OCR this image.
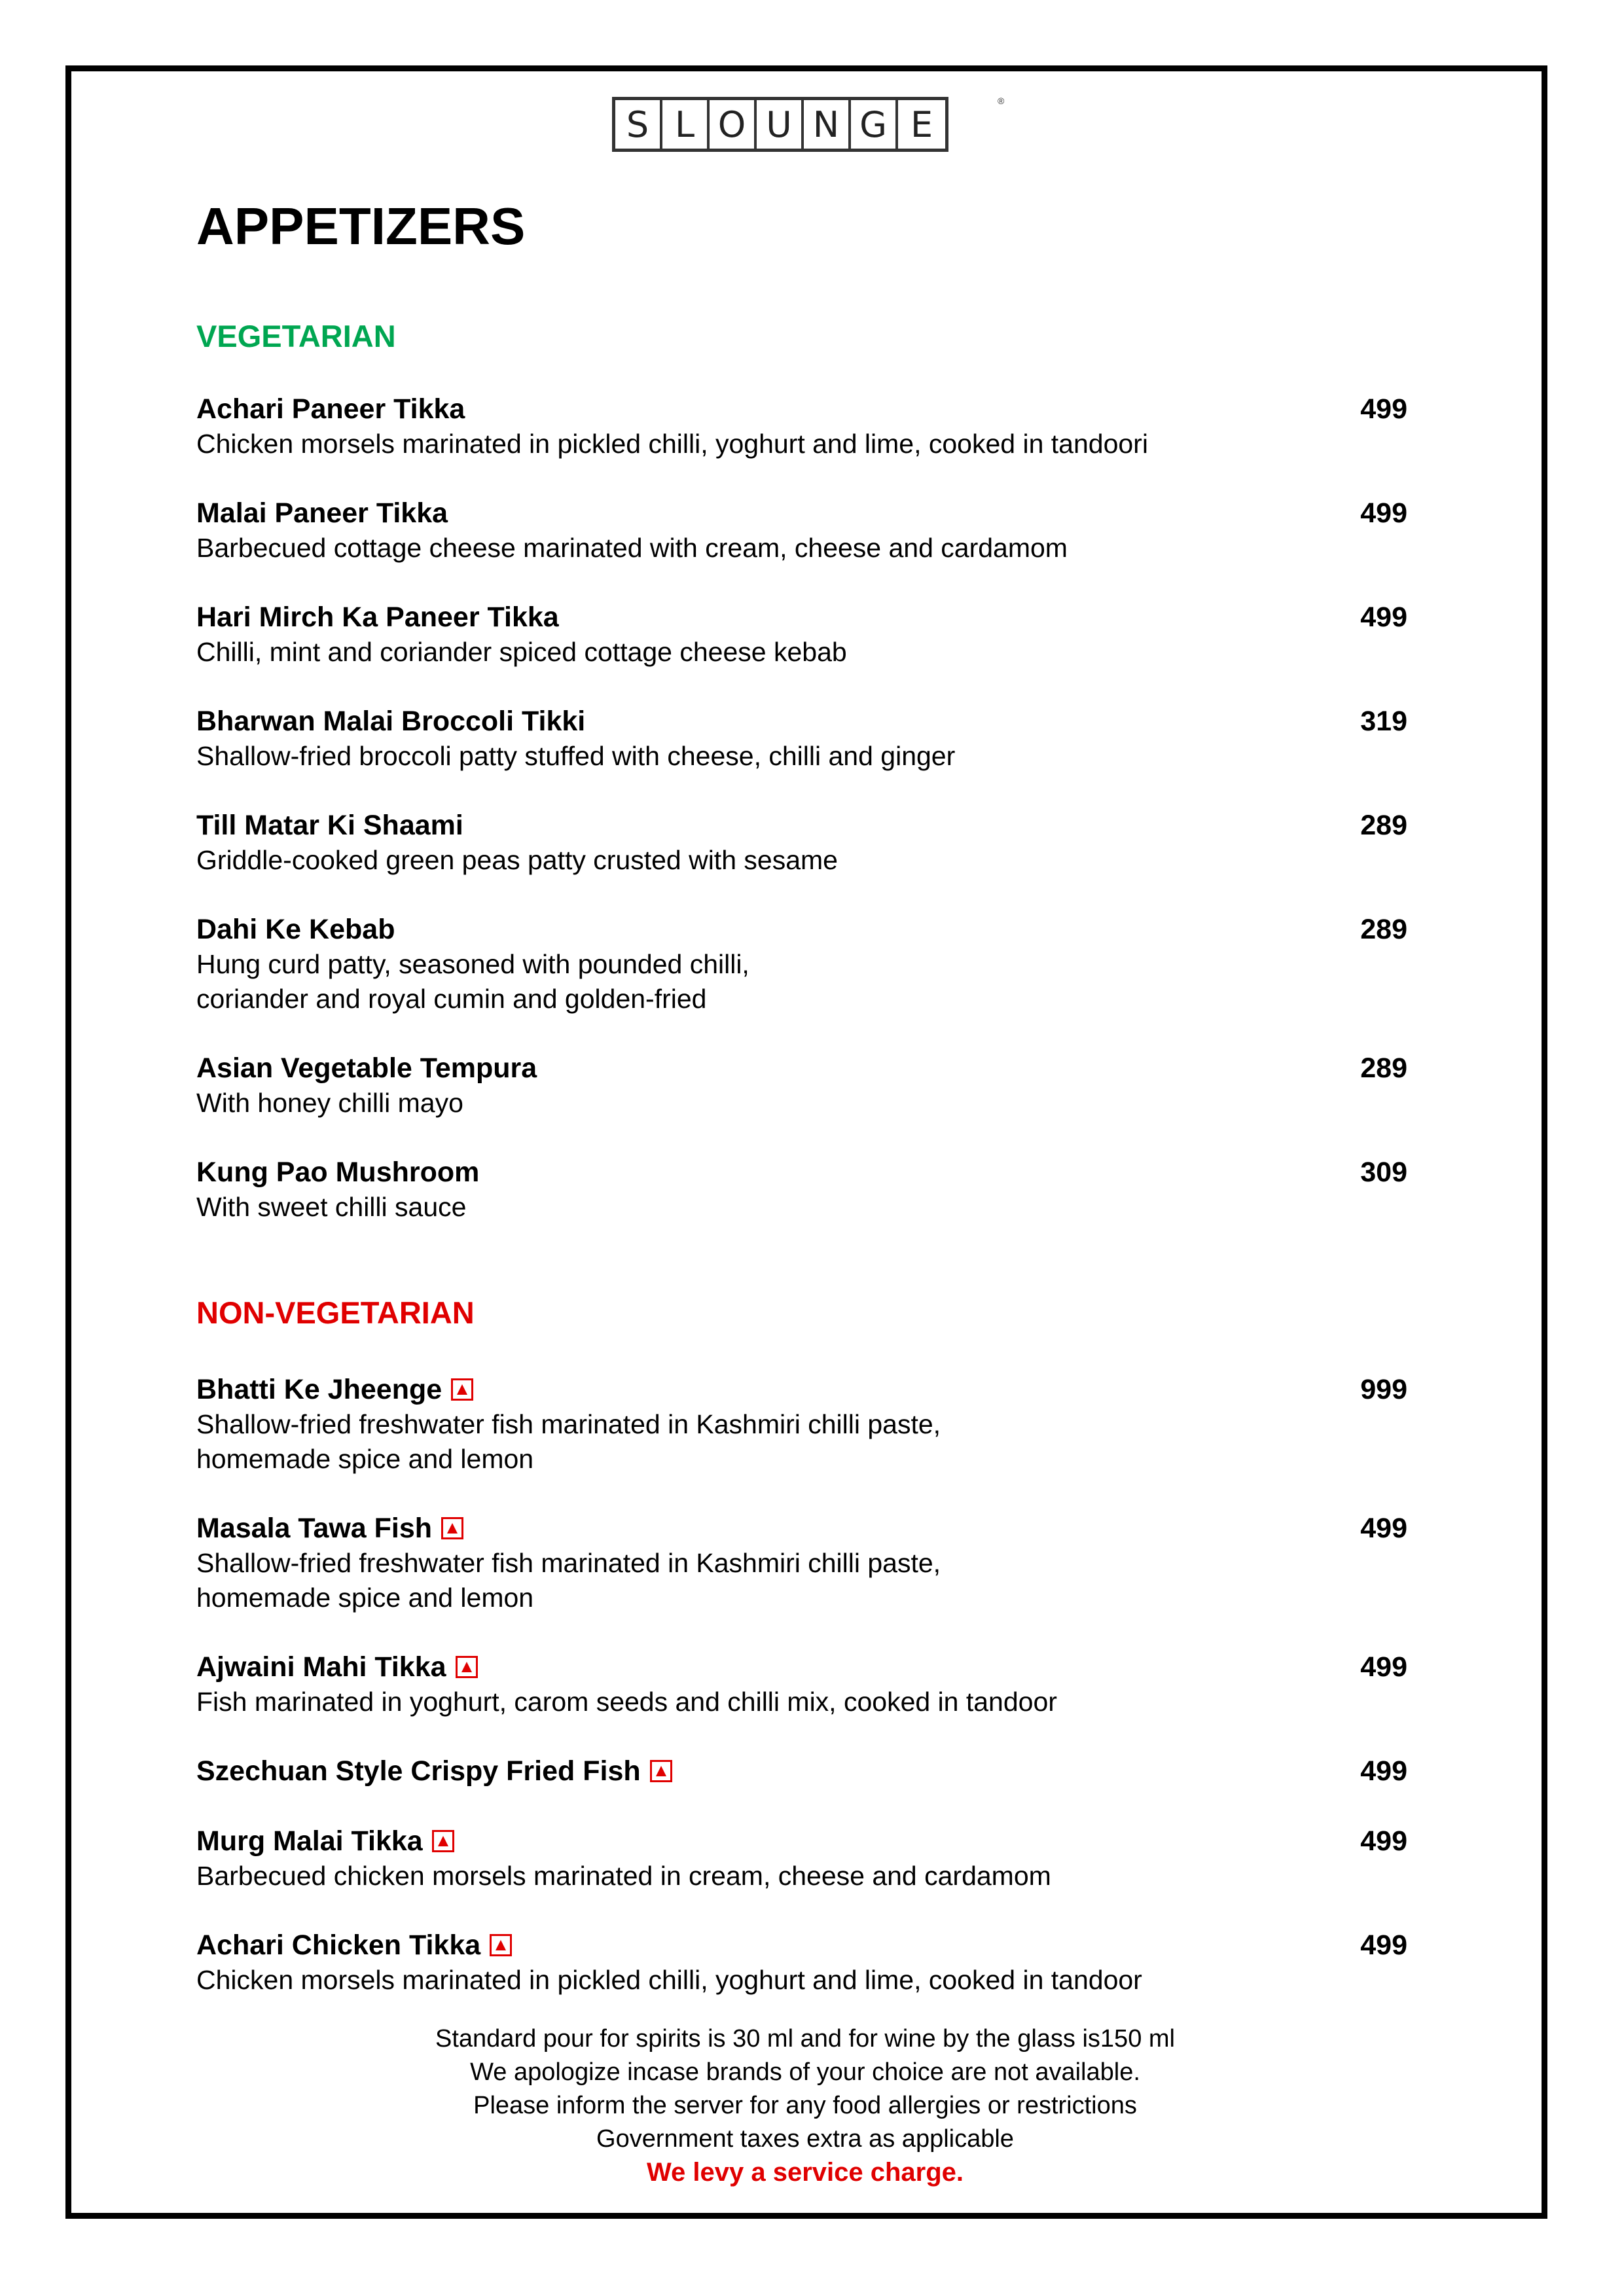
S L O U N G E
®
APPETIZERS
VEGETARIAN
Achari Paneer Tikka	499
Chicken morsels marinated in pickled chilli, yoghurt and lime, cooked in tandoori
Malai Paneer Tikka	499
Barbecued cottage cheese marinated with cream, cheese and cardamom
Hari Mirch Ka Paneer Tikka	499
Chilli, mint and coriander spiced cottage cheese kebab
Bharwan Malai Broccoli Tikki	319
Shallow-fried broccoli patty stuffed with cheese, chilli and ginger
Till Matar Ki Shaami	289
Griddle-cooked green peas patty crusted with sesame
Dahi Ke Kebab	289
Hung curd patty, seasoned with pounded chilli,
coriander and royal cumin and golden-fried
Asian Vegetable Tempura	289
With honey chilli mayo
Kung Pao Mushroom	309
With sweet chilli sauce
NON-VEGETARIAN
Bhatti Ke Jheenge	999
Shallow-fried freshwater fish marinated in Kashmiri chilli paste,
homemade spice and lemon
Masala Tawa Fish	499
Shallow-fried freshwater fish marinated in Kashmiri chilli paste,
homemade spice and lemon
Ajwaini Mahi Tikka	499
Fish marinated in yoghurt, carom seeds and chilli mix, cooked in tandoor
Szechuan Style Crispy Fried Fish	499
Murg Malai Tikka	499
Barbecued chicken morsels marinated in cream, cheese and cardamom
Achari Chicken Tikka	499
Chicken morsels marinated in pickled chilli, yoghurt and lime, cooked in tandoor
Standard pour for spirits is 30 ml and for wine by the glass is150 ml
We apologize incase brands of your choice are not available.
Please inform the server for any food allergies or restrictions
Government taxes extra as applicable
We levy a service charge.
